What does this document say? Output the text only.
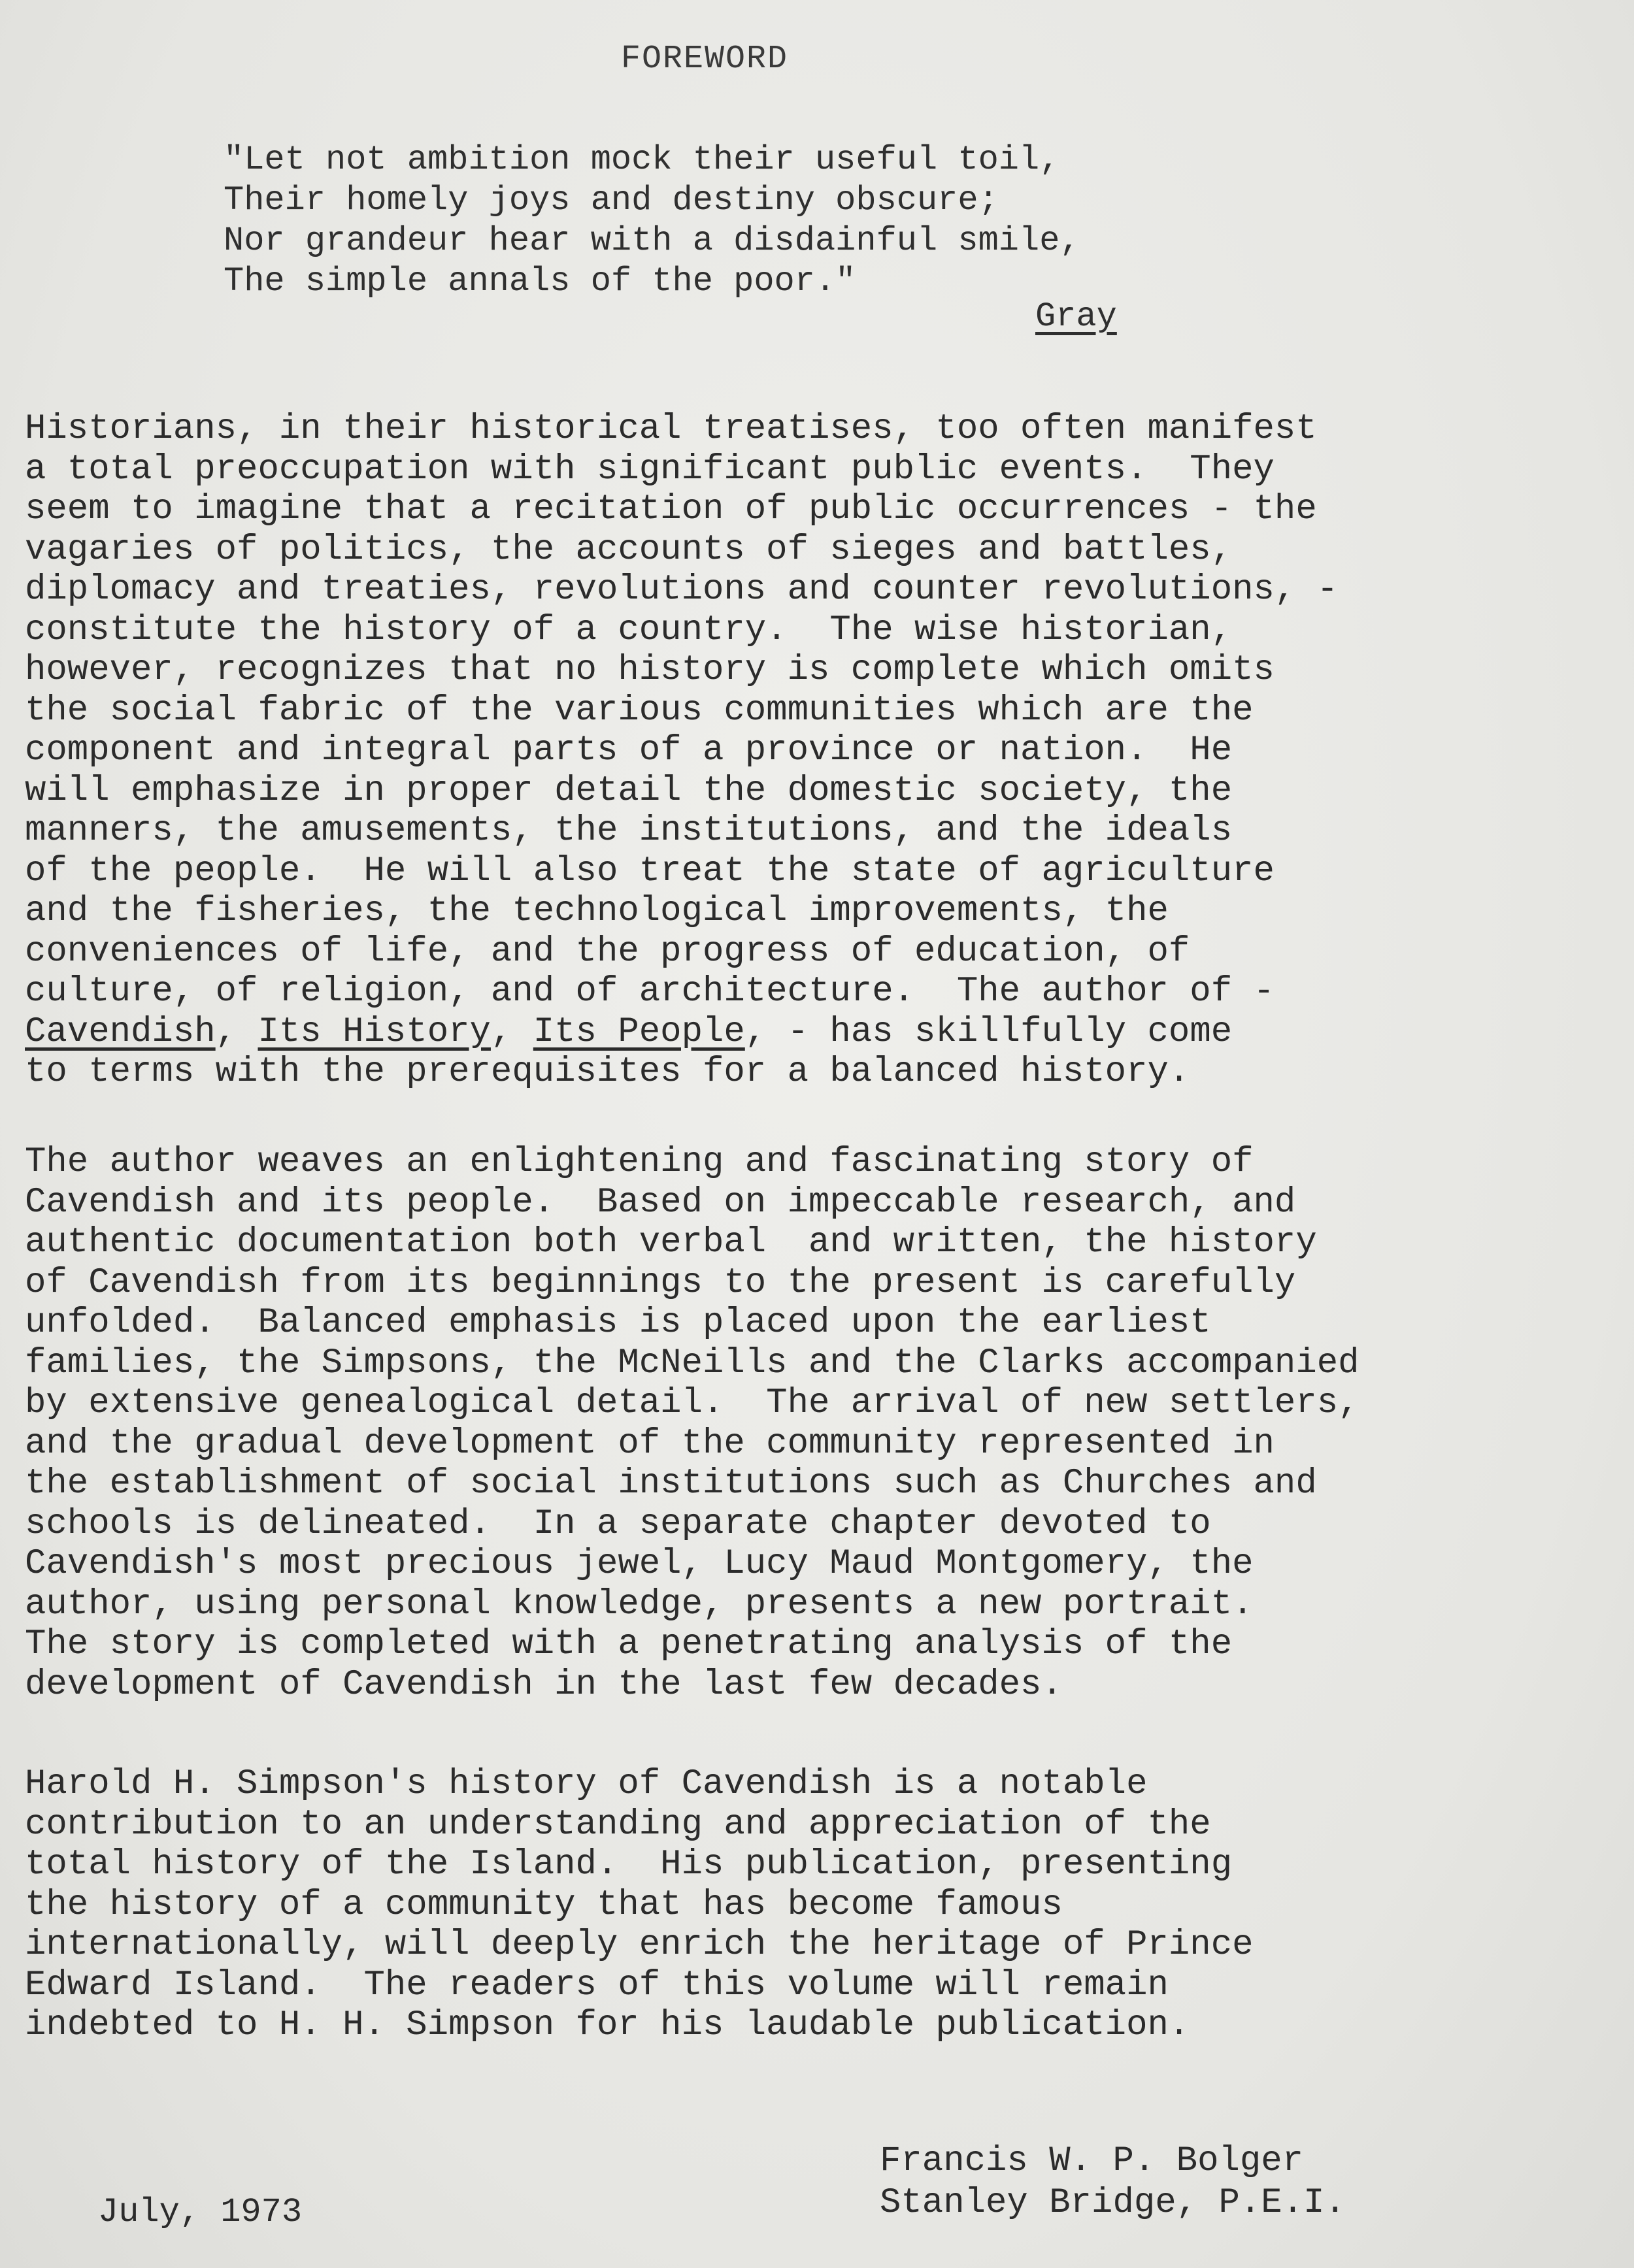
FOREWORD
"Let not ambition mock their useful toil,
Their homely joys and destiny obscure;
Nor grandeur hear with a disdainful smile,
The simple annals of the poor."
Gray
Historians, in their historical treatises, too often manifest
a total preoccupation with significant public events.  They
seem to imagine that a recitation of public occurrences - the
vagaries of politics, the accounts of sieges and battles,
diplomacy and treaties, revolutions and counter revolutions, -
constitute the history of a country.  The wise historian,
however, recognizes that no history is complete which omits
the social fabric of the various communities which are the
component and integral parts of a province or nation.  He
will emphasize in proper detail the domestic society, the
manners, the amusements, the institutions, and the ideals
of the people.  He will also treat the state of agriculture
and the fisheries, the technological improvements, the
conveniences of life, and the progress of education, of
culture, of religion, and of architecture.  The author of -
Cavendish, Its History, Its People, - has skillfully come
to terms with the prerequisites for a balanced history.
The author weaves an enlightening and fascinating story of
Cavendish and its people.  Based on impeccable research, and
authentic documentation both verbal  and written, the history
of Cavendish from its beginnings to the present is carefully
unfolded.  Balanced emphasis is placed upon the earliest
families, the Simpsons, the McNeills and the Clarks accompanied
by extensive genealogical detail.  The arrival of new settlers,
and the gradual development of the community represented in
the establishment of social institutions such as Churches and
schools is delineated.  In a separate chapter devoted to
Cavendish's most precious jewel, Lucy Maud Montgomery, the
author, using personal knowledge, presents a new portrait.
The story is completed with a penetrating analysis of the
development of Cavendish in the last few decades.
Harold H. Simpson's history of Cavendish is a notable
contribution to an understanding and appreciation of the
total history of the Island.  His publication, presenting
the history of a community that has become famous
internationally, will deeply enrich the heritage of Prince
Edward Island.  The readers of this volume will remain
indebted to H. H. Simpson for his laudable publication.
July, 1973
Francis W. P. Bolger
Stanley Bridge, P.E.I.
